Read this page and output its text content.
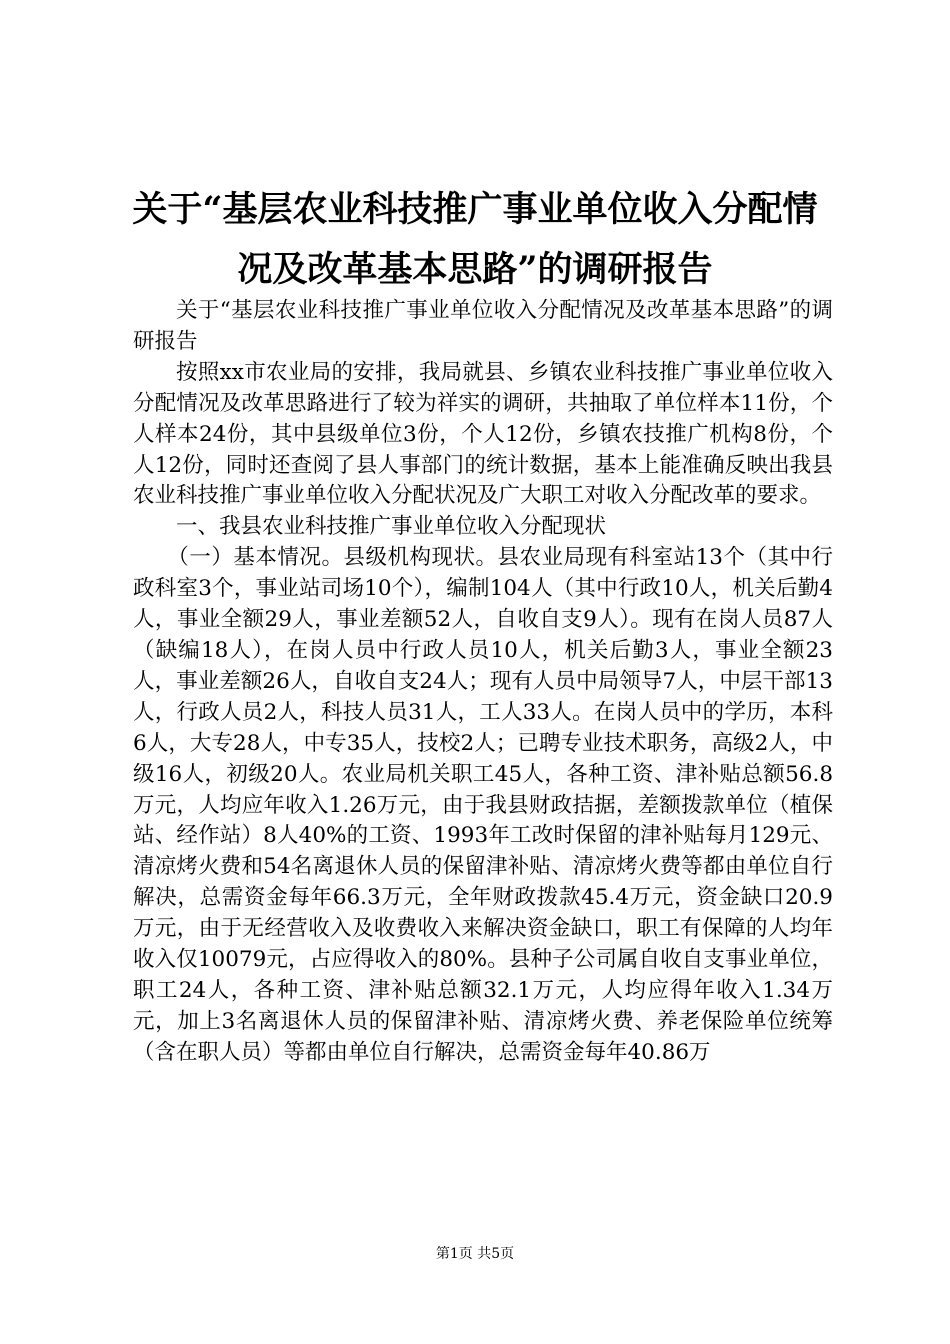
关于“基层农业科技推广事业单位收入分配情
况及改革基本思路”的调研报告

关于“基层农业科技推广事业单位收入分配情况及改革基本思路”的调研报告

按照xx市农业局的安排，我局就县、乡镇农业科技推广事业单位收入分配情况及改革思路进行了较为祥实的调研，共抽取了单位样本11份，个人样本24份，其中县级单位3份，个人12份，乡镇农技推广机构8份，个人12份，同时还查阅了县人事部门的统计数据，基本上能准确反映出我县农业科技推广事业单位收入分配状况及广大职工对收入分配改革的要求。

一、我县农业科技推广事业单位收入分配现状

（一）基本情况。县级机构现状。县农业局现有科室站13个（其中行政科室3个，事业站司场10个），编制104人（其中行政10人，机关后勤4人，事业全额29人，事业差额52人，自收自支9人）。现有在岗人员87人（缺编18人），在岗人员中行政人员10人，机关后勤3人，事业全额23人，事业差额26人，自收自支24人；现有人员中局领导7人，中层干部13人，行政人员2人，科技人员31人，工人33人。在岗人员中的学历，本科6人，大专28人，中专35人，技校2人；已聘专业技术职务，高级2人，中级16人，初级20人。农业局机关职工45人，各种工资、津补贴总额56.8万元，人均应年收入1.26万元，由于我县财政拮据，差额拨款单位（植保站、经作站）8人40%的工资、1993年工改时保留的津补贴每月129元、清凉烤火费和54名离退休人员的保留津补贴、清凉烤火费等都由单位自行解决，总需资金每年66.3万元，全年财政拨款45.4万元，资金缺口20.9万元，由于无经营收入及收费收入来解决资金缺口，职工有保障的人均年收入仅10079元，占应得收入的80%。县种子公司属自收自支事业单位，职工24人，各种工资、津补贴总额32.1万元，人均应得年收入1.34万元，加上3名离退休人员的保留津补贴、清凉烤火费、养老保险单位统筹（含在职人员）等都由单位自行解决，总需资金每年40.86万

第1页 共5页
